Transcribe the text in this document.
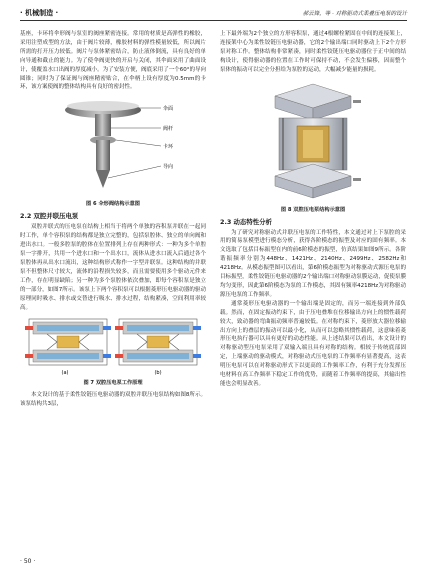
· 机械制造 ·	郝云锋，等 · 对称驱动式柔叠压电泵的设计

基座，卡环将伞形阀与泵室的阀座紧密连接。常用的材质是高弹性的橡胶，采用注塑成型的方法，由于阀片较薄，橡胶材料的弹性模量较低，所以阀片所需的打开压力较低。阀片与泵体紧密结合，防止液体倒流，具有良好的单向导通和截止的能力。为了使伞阀更快的开启与关闭，其伞面采用了曲面设计，使覆盖水口出阀的厚度减小。为了安装方便，阀底采用了一个60°的导向圆锥；同时为了保证阀与阀座精密贴合，在伞柄上设有厚度为0.5mm的卡环，该方案使阀的整体结构具有良好的密封性。

伞面
阀杆
卡环
导向
图 6 伞形阀结构示意图
2.2 双腔并联压电泵

双腔并联式的压电泵在结构上相当于将两个单独的容积泵并联在一起同时工作，单个容积泵的结构都是独立完整的，包括泵腔体、独立的单向阀和进出水口。一般多腔泵的腔体在位置排列上存在两种形式：一种为多个单腔泵一字排开，共用一个进水口和一个出水口，流体从进水口流入后通过各个泵腔体再从出水口流出，这种结构形式称作一字型并联泵。这种结构的并联泵不但整体尺寸较大，流体的沿程损失较多，而且需要使用多个驱动元件来工作，存在明显缺陷；另一种为多个泵腔体依次叠加，即每个容积泵是独立的一部分，如图7所示。该泵上下两个容积泵可以根据菱形压电驱动器的驱动原理同时吸水、排水或交替进行吸水、排水过程，结构紧凑，空间利用率较高。

(a)	(b)
图 7 双腔压电泵工作原理

本文设计的基于柔性铰链压电驱动器的双腔并联压电泵结构如图8所示。该泵结构共3层，

上下最外端为2个独立的方形容积泵，通过4根螺栓紧固在中间的连接架上，连接架中心为柔性铰链压电驱动器，它的2个输出端口同时驱动上下2个方形泵对称工作。整体结构非常紧凑，同时柔性铰链压电驱动器位于正中间的结构设计，使得驱动器的位置在工作时可保持不动，不会发生偏移，因而整个泵体的振动可以完全分担给为泵腔的运动，大幅减少能量的损耗。

图 8 双腔压电泵结构示意图
2.3 动态特性分析

为了研究对称驱动式并联压电泵的工作特性，本文通过对上下泵腔的采用的简易泵模型进行模态分析，获得各阶模态的振型及对应的固有频率。本文选取了包括目标振型在内的前6阶模态的振型，仿真结果如图9所示。各阶谐振频率分别为448Hz、1421Hz、2140Hz、2499Hz、2582Hz和4218Hz。从模态振型图可以看出，第6阶模态振型为对称驱动式源压电泵的目标振型，柔性铰链压电驱动器的2个输出端口对称驱动泵膜运动，促使泵膜均匀变形，因此第6阶模态为泵的工作模态，其固有频率4218Hz为对称驱动源压电泵的工作频率。

通常菱形压电驱动器的一个输出端是固定的，而另一端连接到外部负载。然而，在固定振动约束下，由于压电叠堆在位移输出方向上的惯性载荷较大，致动器的弯曲振动频率普遍较低。在对称约束下，菱形放大器位移输出方向上的叠层的振动可以最小化，从而可以忽略其惯性载荷，这意味着菱形压电执行器可以具有更好的动态性能。从上述结果可以看出，本文设计的对称驱动型压电泵采用了双输入端且具有对称的结构。相较于传统底部固定，上端驱动的驱动模式，对称驱动式压电泵的工作频率有显著提高，这表明压电泵可以在对称驱动形式下以更高的工作频率工作，有利于充分发挥压电材料在高工作频率下稳定工作的优势，而随着工作频率的提高，其输出性能也会明显改善。

· 50 ·
